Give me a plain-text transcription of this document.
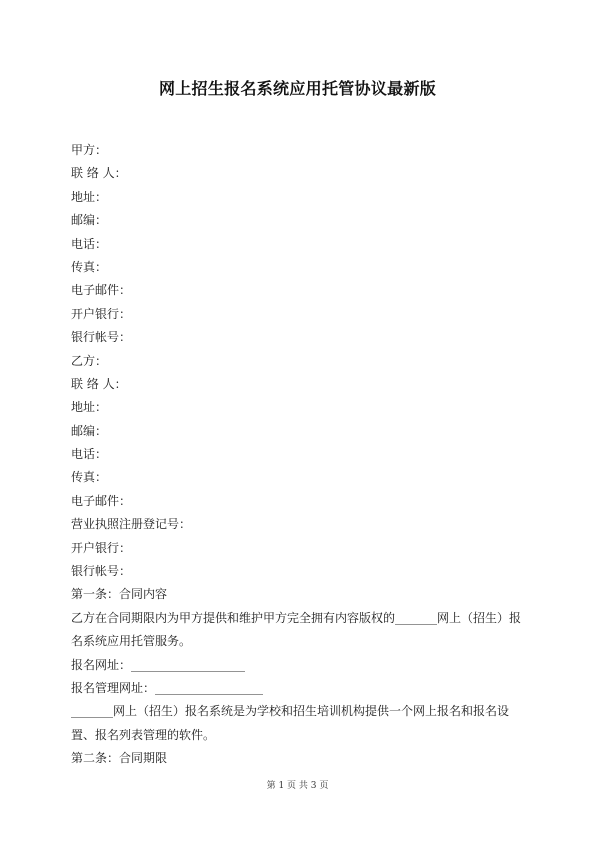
网上招生报名系统应用托管协议最新版
甲方：
联 络 人：
地址：
邮编：
电话：
传真：
电子邮件：
开户银行：
银行帐号：
乙方：
联 络 人：
地址：
邮编：
电话：
传真：
电子邮件：
营业执照注册登记号：
开户银行：
银行帐号：
第一条：合同内容
乙方在合同期限内为甲方提供和维护甲方完全拥有内容版权的_______网上（招生）报名系统应用托管服务。
报名网址：___________________
报名管理网址：__________________
_______网上（招生）报名系统是为学校和招生培训机构提供一个网上报名和报名设置、报名列表管理的软件。
第二条：合同期限
第 1 页 共 3 页
